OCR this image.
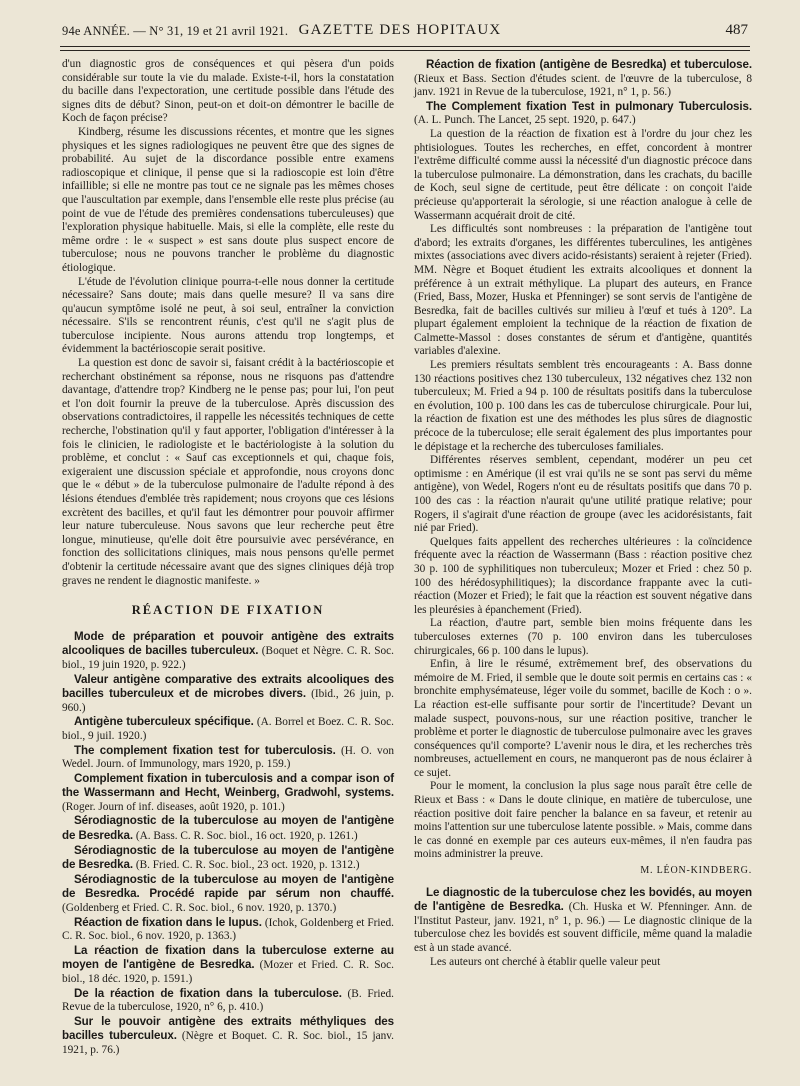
94e ANNÉE. — N° 31, 19 et 21 avril 1921. GAZETTE DES HOPITAUX	487

d'un diagnostic gros de conséquences et qui pèsera d'un poids considérable sur toute la vie du malade. Existe-t-il, hors la constatation du bacille dans l'expectoration, une certitude possible dans l'étude des signes dits de début? Sinon, peut-on et doit-on démontrer le bacille de Koch de façon précise?

Kindberg, résume les discussions récentes, et montre que les signes physiques et les signes radiologiques ne peuvent être que des signes de probabilité. Au sujet de la discordance possible entre examens radioscopique et clinique, il pense que si la radioscopie est loin d'être infaillible; si elle ne montre pas tout ce ne signale pas les mêmes choses que l'auscultation par exemple, dans l'ensemble elle reste plus précise (au point de vue de l'étude des premières condensations tuberculeuses) que l'exploration physique habituelle. Mais, si elle la complète, elle reste du même ordre : le « suspect » est sans doute plus suspect encore de tuberculose; nous ne pouvons trancher le problème du diagnostic étiologique.

L'étude de l'évolution clinique pourra-t-elle nous donner la certitude nécessaire? Sans doute; mais dans quelle mesure? Il va sans dire qu'aucun symptôme isolé ne peut, à soi seul, entraîner la conviction nécessaire. S'ils se rencontrent réunis, c'est qu'il ne s'agit plus de tuberculose incipiente. Nous aurons attendu trop longtemps, et évidemment la bactérioscopie serait positive.

La question est donc de savoir si, faisant crédit à la bactérioscopie et recherchant obstinément sa réponse, nous ne risquons pas d'attendre davantage, d'attendre trop? Kindberg ne le pense pas; pour lui, l'on peut et l'on doit fournir la preuve de la tuberculose. Après discussion des observations contradictoires, il rappelle les nécessités techniques de cette recherche, l'obstination qu'il y faut apporter, l'obligation d'intéresser à la fois le clinicien, le radiologiste et le bactériologiste à la solution du problème, et conclut : « Sauf cas exceptionnels et qui, chaque fois, exigeraient une discussion spéciale et approfondie, nous croyons donc que le « début » de la tuberculose pulmonaire de l'adulte répond à des lésions étendues d'emblée très rapidement; nous croyons que ces lésions excrètent des bacilles, et qu'il faut les démontrer pour pouvoir affirmer leur nature tuberculeuse. Nous savons que leur recherche peut être longue, minutieuse, qu'elle doit être poursuivie avec persévérance, en fonction des sollicitations cliniques, mais nous pensons qu'elle permet d'obtenir la certitude nécessaire avant que des signes cliniques déjà trop graves ne rendent le diagnostic manifeste. »

RÉACTION DE FIXATION

Mode de préparation et pouvoir antigène des extraits alcooliques de bacilles tuberculeux. (Boquet et Nègre. C. R. Soc. biol., 19 juin 1920, p. 922.)

Valeur antigène comparative des extraits alcooliques des bacilles tuberculeux et de microbes divers. (Ibid., 26 juin, p. 960.)

Antigène tuberculeux spécifique. (A. Borrel et Boez. C. R. Soc. biol., 9 juil. 1920.)

The complement fixation test for tuberculosis. (H. O. von Wedel. Journ. of Immunology, mars 1920, p. 159.)

Complement fixation in tuberculosis and a compar ison of the Wassermann and Hecht, Weinberg, Gradwohl, systems. (Roger. Journ of inf. diseases, août 1920, p. 101.)

Sérodiagnostic de la tuberculose au moyen de l'antigène de Besredka. (A. Bass. C. R. Soc. biol., 16 oct. 1920, p. 1261.)

Sérodiagnostic de la tuberculose au moyen de l'antigène de Besredka. (B. Fried. C. R. Soc. biol., 23 oct. 1920, p. 1312.)

Sérodiagnostic de la tuberculose au moyen de l'antigène de Besredka. Procédé rapide par sérum non chauffé. (Goldenberg et Fried. C. R. Soc. biol., 6 nov. 1920, p. 1370.)

Réaction de fixation dans le lupus. (Ichok, Goldenberg et Fried. C. R. Soc. biol., 6 nov. 1920, p. 1363.)

La réaction de fixation dans la tuberculose externe au moyen de l'antigène de Besredka. (Mozer et Fried. C. R. Soc. biol., 18 déc. 1920, p. 1591.)

De la réaction de fixation dans la tuberculose. (B. Fried. Revue de la tuberculose, 1920, n° 6, p. 410.)

Sur le pouvoir antigène des extraits méthyliques des bacilles tuberculeux. (Nègre et Boquet. C. R. Soc. biol., 15 janv. 1921, p. 76.)

Réaction de fixation (antigène de Besredka) et tuberculose. (Rieux et Bass. Section d'études scient. de l'œuvre de la tuberculose, 8 janv. 1921 in Revue de la tuberculose, 1921, n° 1, p. 56.)

The Complement fixation Test in pulmonary Tuberculosis. (A. L. Punch. The Lancet, 25 sept. 1920, p. 647.)

La question de la réaction de fixation est à l'ordre du jour chez les phtisiologues. Toutes les recherches, en effet, concordent à montrer l'extrême difficulté comme aussi la nécessité d'un diagnostic précoce dans la tuberculose pulmonaire. La démonstration, dans les crachats, du bacille de Koch, seul signe de certitude, peut être délicate : on conçoit l'aide précieuse qu'apporterait la sérologie, si une réaction analogue à celle de Wassermann acquérait droit de cité.

Les difficultés sont nombreuses : la préparation de l'antigène tout d'abord; les extraits d'organes, les différentes tuberculines, les antigènes mixtes (associations avec divers acido-résistants) seraient à rejeter (Fried). MM. Nègre et Boquet étudient les extraits alcooliques et donnent la préférence à un extrait méthylique. La plupart des auteurs, en France (Fried, Bass, Mozer, Huska et Pfenninger) se sont servis de l'antigène de Besredka, fait de bacilles cultivés sur milieu à l'œuf et tués à 120°. La plupart également emploient la technique de la réaction de fixation de Calmette-Massol : doses constantes de sérum et d'antigène, quantités variables d'alexine.

Les premiers résultats semblent très encourageants : A. Bass donne 130 réactions positives chez 130 tuberculeux, 132 négatives chez 132 non tuberculeux; M. Fried a 94 p. 100 de résultats positifs dans la tuberculose en évolution, 100 p. 100 dans les cas de tuberculose chirurgicale. Pour lui, la réaction de fixation est une des méthodes les plus sûres de diagnostic précoce de la tuberculose; elle serait également des plus importantes pour le dépistage et la recherche des tuberculoses familiales.

Différentes réserves semblent, cependant, modérer un peu cet optimisme : en Amérique (il est vrai qu'ils ne se sont pas servi du même antigène), von Wedel, Rogers n'ont eu de résultats positifs que dans 70 p. 100 des cas : la réaction n'aurait qu'une utilité pratique relative; pour Rogers, il s'agirait d'une réaction de groupe (avec les acidorésistants, fait nié par Fried).

Quelques faits appellent des recherches ultérieures : la coïncidence fréquente avec la réaction de Wassermann (Bass : réaction positive chez 30 p. 100 de syphilitiques non tuberculeux; Mozer et Fried : chez 50 p. 100 des hérédosyphilitiques); la discordance frappante avec la cuti-réaction (Mozer et Fried); le fait que la réaction est souvent négative dans les pleurésies à épanchement (Fried).

La réaction, d'autre part, semble bien moins fréquente dans les tuberculoses externes (70 p. 100 environ dans les tuberculoses chirurgicales, 66 p. 100 dans le lupus).

Enfin, à lire le résumé, extrêmement bref, des observations du mémoire de M. Fried, il semble que le doute soit permis en certains cas : « bronchite emphysémateuse, léger voile du sommet, bacille de Koch : o ». La réaction est-elle suffisante pour sortir de l'incertitude? Devant un malade suspect, pouvons-nous, sur une réaction positive, trancher le problème et porter le diagnostic de tuberculose pulmonaire avec les graves conséquences qu'il comporte? L'avenir nous le dira, et les recherches très nombreuses, actuellement en cours, ne manqueront pas de nous éclairer à ce sujet.

Pour le moment, la conclusion la plus sage nous paraît être celle de Rieux et Bass : « Dans le doute clinique, en matière de tuberculose, une réaction positive doit faire pencher la balance en sa faveur, et retenir au moins l'attention sur une tuberculose latente possible. » Mais, comme dans le cas donné en exemple par ces auteurs eux-mêmes, il n'en faudra pas moins administrer la preuve.

M. LÉON-KINDBERG.

Le diagnostic de la tuberculose chez les bovidés, au moyen de l'antigène de Besredka. (Ch. Huska et W. Pfenninger. Ann. de l'Institut Pasteur, janv. 1921, n° 1, p. 96.) — Le diagnostic clinique de la tuberculose chez les bovidés est souvent difficile, même quand la maladie est à un stade avancé.

Les auteurs ont cherché à établir quelle valeur peut
